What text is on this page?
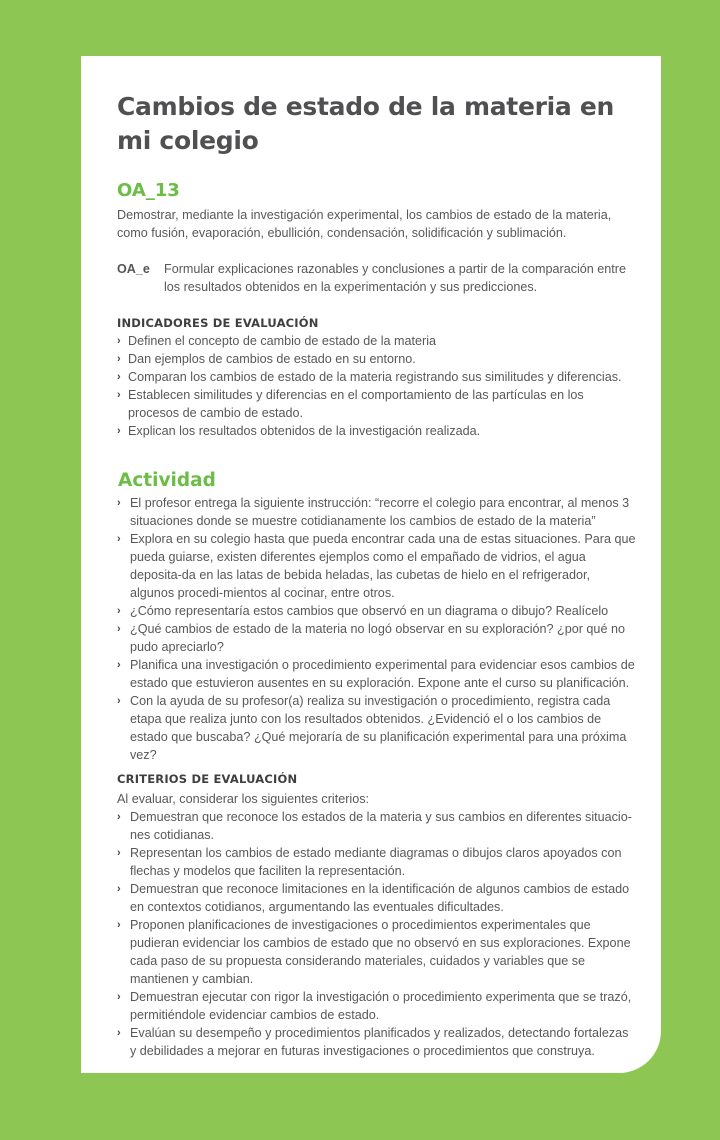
Cambios de estado de la materia en mi colegio
OA_13

Demostrar, mediante la investigación experimental, los cambios de estado de la materia, como fusión, evaporación, ebullición, condensación, solidificación y sublimación.

OA_e	Formular explicaciones razonables y conclusiones a partir de la comparación entre los resultados obtenidos en la experimentación y sus predicciones.
INDICADORES DE EVALUACIÓN
› Definen el concepto de cambio de estado de la materia
› Dan ejemplos de cambios de estado en su entorno.
› Comparan los cambios de estado de la materia registrando sus similitudes y diferencias.
› Establecen similitudes y diferencias en el comportamiento de las partículas en los procesos de cambio de estado.
› Explican los resultados obtenidos de la investigación realizada.
Actividad
› El profesor entrega la siguiente instrucción: “recorre el colegio para encontrar, al menos 3 situaciones donde se muestre cotidianamente los cambios de estado de la materia”
› Explora en su colegio hasta que pueda encontrar cada una de estas situaciones. Para que pueda guiarse, existen diferentes ejemplos como el empañado de vidrios, el agua deposita-da en las latas de bebida heladas, las cubetas de hielo en el refrigerador, algunos procedi-mientos al cocinar, entre otros.
› ¿Cómo representaría estos cambios que observó en un diagrama o dibujo? Realícelo
› ¿Qué cambios de estado de la materia no logó observar en su exploración? ¿por qué no pudo apreciarlo?
› Planifica una investigación o procedimiento experimental para evidenciar esos cambios de estado que estuvieron ausentes en su exploración. Expone ante el curso su planificación.
› Con la ayuda de su profesor(a) realiza su investigación o procedimiento, registra cada etapa que realiza junto con los resultados obtenidos. ¿Evidenció el o los cambios de estado que buscaba? ¿Qué mejoraría de su planificación experimental para una próxima vez?
CRITERIOS DE EVALUACIÓN

Al evaluar, considerar los siguientes criterios:

› Demuestran que reconoce los estados de la materia y sus cambios en diferentes situacio-nes cotidianas.
› Representan los cambios de estado mediante diagramas o dibujos claros apoyados con flechas y modelos que faciliten la representación.
› Demuestran que reconoce limitaciones en la identificación de algunos cambios de estado en contextos cotidianos, argumentando las eventuales dificultades.
› Proponen planificaciones de investigaciones o procedimientos experimentales que pudieran evidenciar los cambios de estado que no observó en sus exploraciones. Expone cada paso de su propuesta considerando materiales, cuidados y variables que se mantienen y cambian.
› Demuestran ejecutar con rigor la investigación o procedimiento experimenta que se trazó, permitiéndole evidenciar cambios de estado.
› Evalúan su desempeño y procedimientos planificados y realizados, detectando fortalezas y debilidades a mejorar en futuras investigaciones o procedimientos que construya.
